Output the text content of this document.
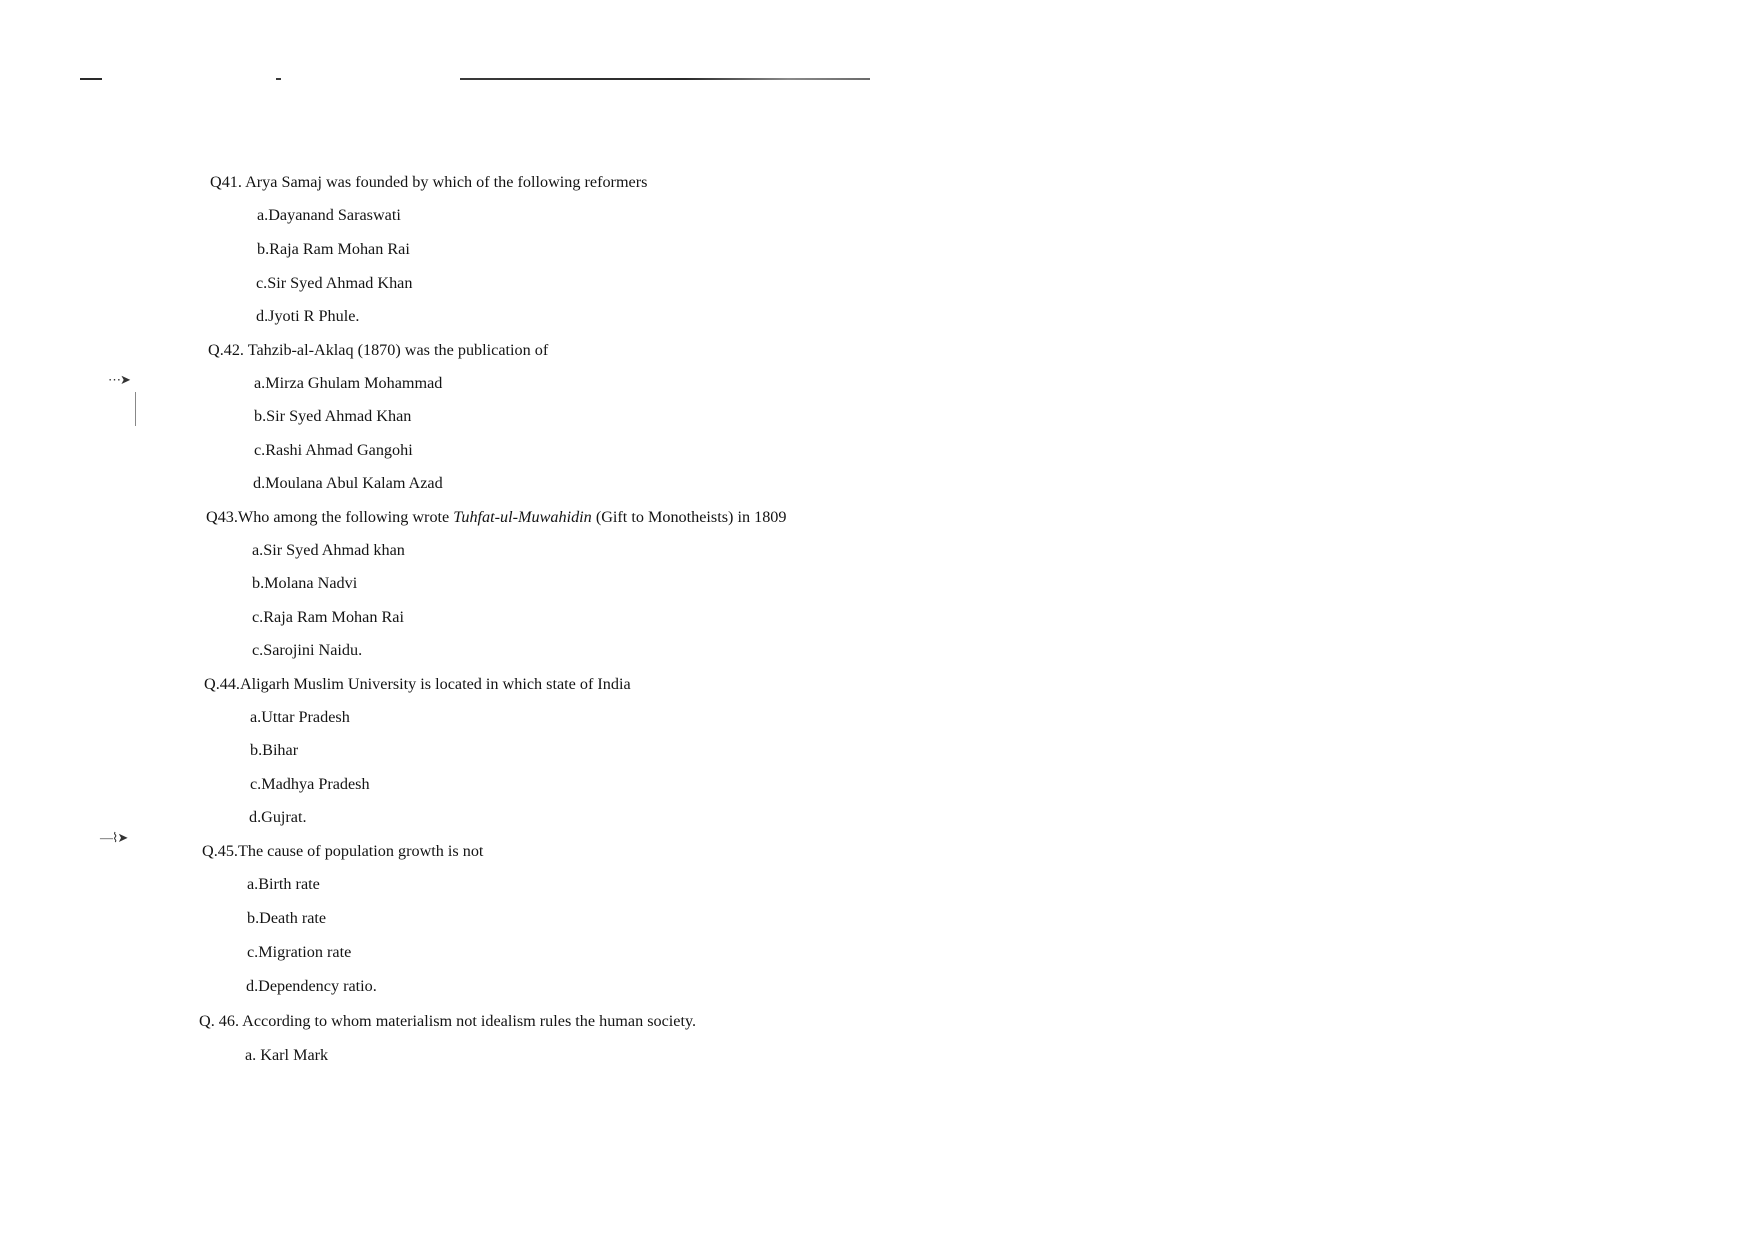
⋯➤
—⌇➤
Q41. Arya Samaj was founded by which of the following reformers
a.Dayanand Saraswati
b.Raja Ram Mohan Rai
c.Sir Syed Ahmad Khan
d.Jyoti R Phule.
Q.42. Tahzib-al-Aklaq (1870) was the publication of
a.Mirza Ghulam Mohammad
b.Sir Syed Ahmad Khan
c.Rashi Ahmad Gangohi
d.Moulana Abul Kalam Azad
Q43.Who among the following wrote Tuhfat-ul-Muwahidin (Gift to Monotheists) in 1809
a.Sir Syed Ahmad khan
b.Molana Nadvi
c.Raja Ram Mohan Rai
c.Sarojini Naidu.
Q.44.Aligarh Muslim University is located in which state of India
a.Uttar Pradesh
b.Bihar
c.Madhya Pradesh
d.Gujrat.
Q.45.The cause of population growth is not
a.Birth rate
b.Death rate
c.Migration rate
d.Dependency ratio.
Q. 46. According to whom materialism not idealism rules the human society.
a. Karl Mark
